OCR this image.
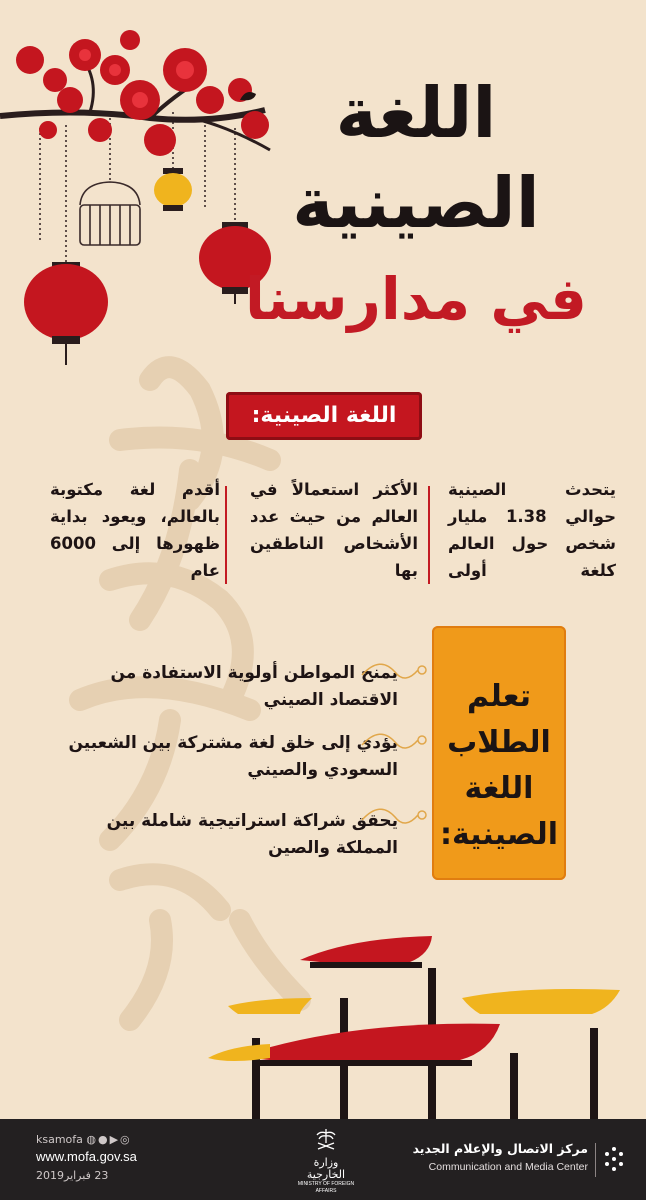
اللغة
الصينية
في مدارسنا
اللغة الصينية:
يتحدث الصينية حوالي 1.38 مليار شخص حول العالم كلغة أولى
الأكثر استعمالاً في العالم من حيث عدد الأشخاص الناطقين بها
أقدم لغة مكتوبة بالعالم، ويعود بداية ظهورها إلى 6000 عام
يمنح المواطن أولوية الاستفادة من الاقتصاد الصيني
يؤدي إلى خلق لغة مشتركة بين الشعبين السعودي والصيني
يحقق شراكة استراتيجية شاملة بين المملكة والصين
تعلم الطلاب اللغة الصينية:
◎▶●◍ ksamofa
www.mofa.gov.sa
23 فبراير2019
وزارة الخارجية
MINISTRY OF FOREIGN AFFAIRS
مركز الاتصال والإعلام الجديد
Communication and Media Center
